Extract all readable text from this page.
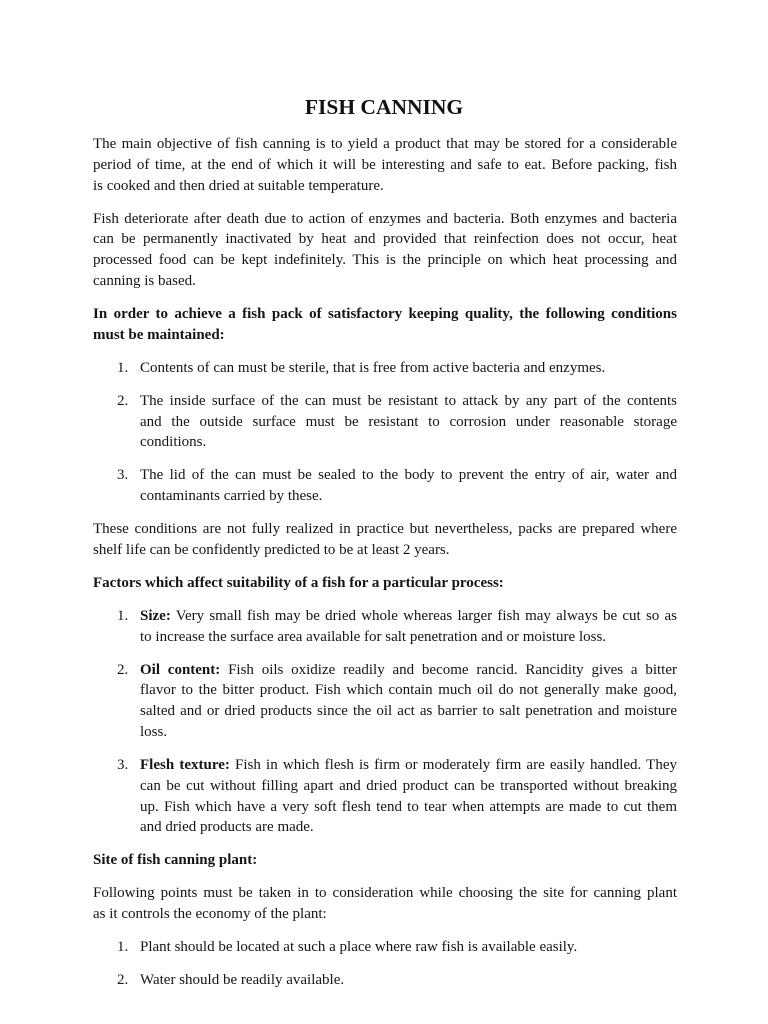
FISH CANNING
The main objective of fish canning is to yield a product that may be stored for a considerable
period of time, at the end of which it will be interesting and safe to eat. Before packing, fish
is cooked and then dried at suitable temperature.
Fish deteriorate after death due to action of enzymes and bacteria. Both enzymes and bacteria
can be permanently inactivated by heat and provided that reinfection does not occur, heat
processed food can be kept indefinitely. This is the principle on which heat processing and
canning is based.
In order to achieve a fish pack of satisfactory keeping quality, the following conditions
must be maintained:
1. Contents of can must be sterile, that is free from active bacteria and enzymes.
2. The inside surface of the can must be resistant to attack by any part of the contents
and the outside surface must be resistant to corrosion under reasonable storage
conditions.
3. The lid of the can must be sealed to the body to prevent the entry of air, water and
contaminants carried by these.
These conditions are not fully realized in practice but nevertheless, packs are prepared where
shelf life can be confidently predicted to be at least 2 years.
Factors which affect suitability of a fish for a particular process:
1. Size: Very small fish may be dried whole whereas larger fish may always be cut so as
to increase the surface area available for salt penetration and or moisture loss.
2. Oil content: Fish oils oxidize readily and become rancid. Rancidity gives a bitter
flavor to the bitter product. Fish which contain much oil do not generally make good,
salted and or dried products since the oil act as barrier to salt penetration and moisture
loss.
3. Flesh texture: Fish in which flesh is firm or moderately firm are easily handled. They
can be cut without filling apart and dried product can be transported without breaking
up. Fish which have a very soft flesh tend to tear when attempts are made to cut them
and dried products are made.
Site of fish canning plant:
Following points must be taken in to consideration while choosing the site for canning plant
as it controls the economy of the plant:
1. Plant should be located at such a place where raw fish is available easily.
2. Water should be readily available.
